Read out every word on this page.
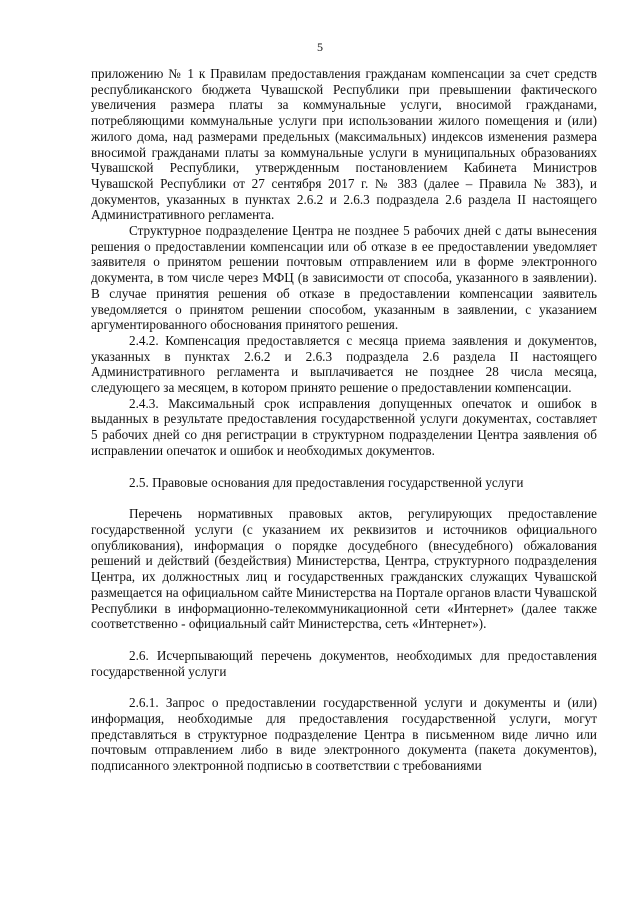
5

приложению № 1 к Правилам предоставления гражданам компенсации за счет средств республиканского бюджета Чувашской Республики при превышении фактического увеличения размера платы за коммунальные услуги, вносимой гражданами, потребляющими коммунальные услуги при использовании жилого помещения и (или) жилого дома, над размерами предельных (максимальных) индексов изменения размера вносимой гражданами платы за коммунальные услуги в муниципальных образованиях Чувашской Республики, утвержденным постановлением Кабинета Министров Чувашской Республики от 27 сентября 2017 г. № 383 (далее – Правила № 383), и документов, указанных в пунктах 2.6.2 и 2.6.3 подраздела 2.6 раздела II настоящего Административного регламента.

Структурное подразделение Центра не позднее 5 рабочих дней с даты вынесения решения о предоставлении компенсации или об отказе в ее предоставлении уведомляет заявителя о принятом решении почтовым отправлением или в форме электронного документа, в том числе через МФЦ (в зависимости от способа, указанного в заявлении). В случае принятия решения об отказе в предоставлении компенсации заявитель уведомляется о принятом решении способом, указанным в заявлении, с указанием аргументированного обоснования принятого решения.

2.4.2. Компенсация предоставляется с месяца приема заявления и документов, указанных в пунктах 2.6.2 и 2.6.3 подраздела 2.6 раздела II настоящего Административного регламента и выплачивается не позднее 28 числа месяца, следующего за месяцем, в котором принято решение о предоставлении компенсации.

2.4.3. Максимальный срок исправления допущенных опечаток и ошибок в выданных в результате предоставления государственной услуги документах, составляет 5 рабочих дней со дня регистрации в структурном подразделении Центра заявления об исправлении опечаток и ошибок и необходимых документов.

2.5. Правовые основания для предоставления государственной услуги

Перечень нормативных правовых актов, регулирующих предоставление государственной услуги (с указанием их реквизитов и источников официального опубликования), информация о порядке досудебного (внесудебного) обжалования решений и действий (бездействия) Министерства, Центра, структурного подразделения Центра, их должностных лиц и государственных гражданских служащих Чувашской размещается на официальном сайте Министерства на Портале органов власти Чувашской Республики в информационно-телекоммуникационной сети «Интернет» (далее также соответственно - официальный сайт Министерства, сеть «Интернет»).

2.6. Исчерпывающий перечень документов, необходимых для предоставления государственной услуги

2.6.1. Запрос о предоставлении государственной услуги и документы и (или) информация, необходимые для предоставления государственной услуги, могут представляться в структурное подразделение Центра в письменном виде лично или почтовым отправлением либо в виде электронного документа (пакета документов), подписанного электронной подписью в соответствии с требованиями
